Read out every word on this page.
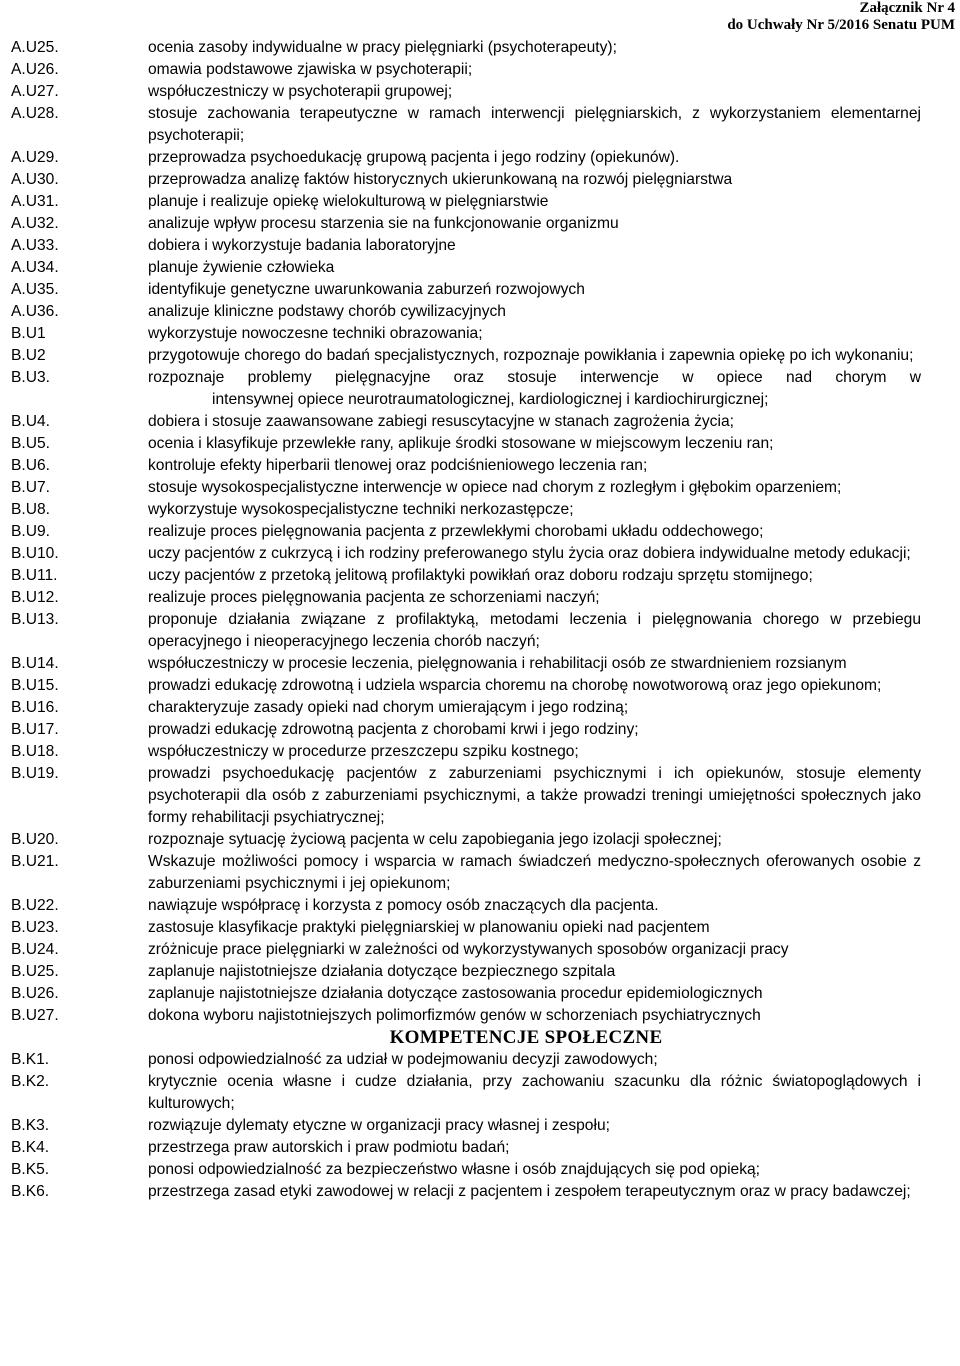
Załącznik Nr 4
do Uchwały Nr 5/2016 Senatu PUM
A.U25.	ocenia zasoby indywidualne w pracy pielęgniarki (psychoterapeuty);
A.U26.	omawia podstawowe zjawiska w psychoterapii;
A.U27.	współuczestniczy w psychoterapii grupowej;
A.U28.	stosuje zachowania terapeutyczne w ramach interwencji pielęgniarskich, z wykorzystaniem elementarnej psychoterapii;
A.U29.	przeprowadza psychoedukację grupową pacjenta i jego rodziny (opiekunów).
A.U30.	przeprowadza analizę faktów historycznych ukierunkowaną na rozwój pielęgniarstwa
A.U31.	planuje i realizuje opiekę wielokulturową w pielęgniarstwie
A.U32.	analizuje wpływ procesu starzenia sie na funkcjonowanie organizmu
A.U33.	dobiera i wykorzystuje badania laboratoryjne
A.U34.	planuje żywienie człowieka
A.U35.	identyfikuje genetyczne uwarunkowania zaburzeń rozwojowych
A.U36.	analizuje kliniczne podstawy chorób cywilizacyjnych
B.U1	wykorzystuje nowoczesne techniki obrazowania;
B.U2	przygotowuje chorego do badań specjalistycznych, rozpoznaje powikłania i zapewnia opiekę po ich wykonaniu;
B.U3.	rozpoznaje problemy pielęgnacyjne oraz stosuje interwencje w opiece nad chorym w
intensywnej opiece neurotraumatologicznej, kardiologicznej i kardiochirurgicznej;
B.U4.	dobiera i stosuje zaawansowane zabiegi resuscytacyjne w stanach zagrożenia życia;
B.U5.	ocenia i klasyfikuje przewlekłe rany, aplikuje środki stosowane w miejscowym leczeniu ran;
B.U6.	kontroluje efekty hiperbarii tlenowej oraz podciśnieniowego leczenia ran;
B.U7.	stosuje wysokospecjalistyczne interwencje w opiece nad chorym z rozległym i głębokim oparzeniem;
B.U8.	wykorzystuje wysokospecjalistyczne techniki nerkozastępcze;
B.U9.	realizuje proces pielęgnowania pacjenta z przewlekłymi chorobami układu oddechowego;
B.U10.	uczy pacjentów z cukrzycą i ich rodziny preferowanego stylu życia oraz dobiera indywidualne metody edukacji;
B.U11.	uczy pacjentów z przetoką jelitową profilaktyki powikłań oraz doboru rodzaju sprzętu stomijnego;
B.U12.	realizuje proces pielęgnowania pacjenta ze schorzeniami naczyń;
B.U13.	proponuje działania związane z profilaktyką, metodami leczenia i pielęgnowania chorego w przebiegu operacyjnego i nieoperacyjnego leczenia chorób naczyń;
B.U14.	współuczestniczy w procesie leczenia, pielęgnowania i rehabilitacji osób ze stwardnieniem rozsianym
B.U15.	prowadzi edukację zdrowotną i udziela wsparcia choremu na chorobę nowotworową oraz jego opiekunom;
B.U16.	charakteryzuje zasady opieki nad chorym umierającym i jego rodziną;
B.U17.	prowadzi edukację zdrowotną pacjenta z chorobami krwi i jego rodziny;
B.U18.	współuczestniczy w procedurze przeszczepu szpiku kostnego;
B.U19.	prowadzi psychoedukację pacjentów z zaburzeniami psychicznymi i ich opiekunów, stosuje elementy psychoterapii dla osób z zaburzeniami psychicznymi, a także prowadzi treningi umiejętności społecznych jako formy rehabilitacji psychiatrycznej;
B.U20.	rozpoznaje sytuację życiową pacjenta w celu zapobiegania jego izolacji społecznej;
B.U21.	Wskazuje możliwości pomocy i wsparcia w ramach świadczeń medyczno-społecznych oferowanych osobie z zaburzeniami psychicznymi i jej opiekunom;
B.U22.	nawiązuje współpracę i korzysta z pomocy osób znaczących dla pacjenta.
B.U23.	zastosuje klasyfikacje praktyki pielęgniarskiej w planowaniu opieki nad pacjentem
B.U24.	zróżnicuje prace pielęgniarki w zależności od wykorzystywanych sposobów organizacji pracy
B.U25.	zaplanuje najistotniejsze działania dotyczące bezpiecznego szpitala
B.U26.	zaplanuje najistotniejsze działania dotyczące zastosowania procedur epidemiologicznych
B.U27.	dokona wyboru najistotniejszych polimorfizmów genów w schorzeniach psychiatrycznych
KOMPETENCJE SPOŁECZNE
B.K1.	ponosi odpowiedzialność za udział w podejmowaniu decyzji zawodowych;
B.K2.	krytycznie ocenia własne i cudze działania, przy zachowaniu szacunku dla różnic światopoglądowych i kulturowych;
B.K3.	rozwiązuje dylematy etyczne w organizacji pracy własnej i zespołu;
B.K4.	przestrzega praw autorskich i praw podmiotu badań;
B.K5.	ponosi odpowiedzialność za bezpieczeństwo własne i osób znajdujących się pod opieką;
B.K6.	przestrzega zasad etyki zawodowej w relacji z pacjentem i zespołem terapeutycznym oraz w pracy badawczej;
